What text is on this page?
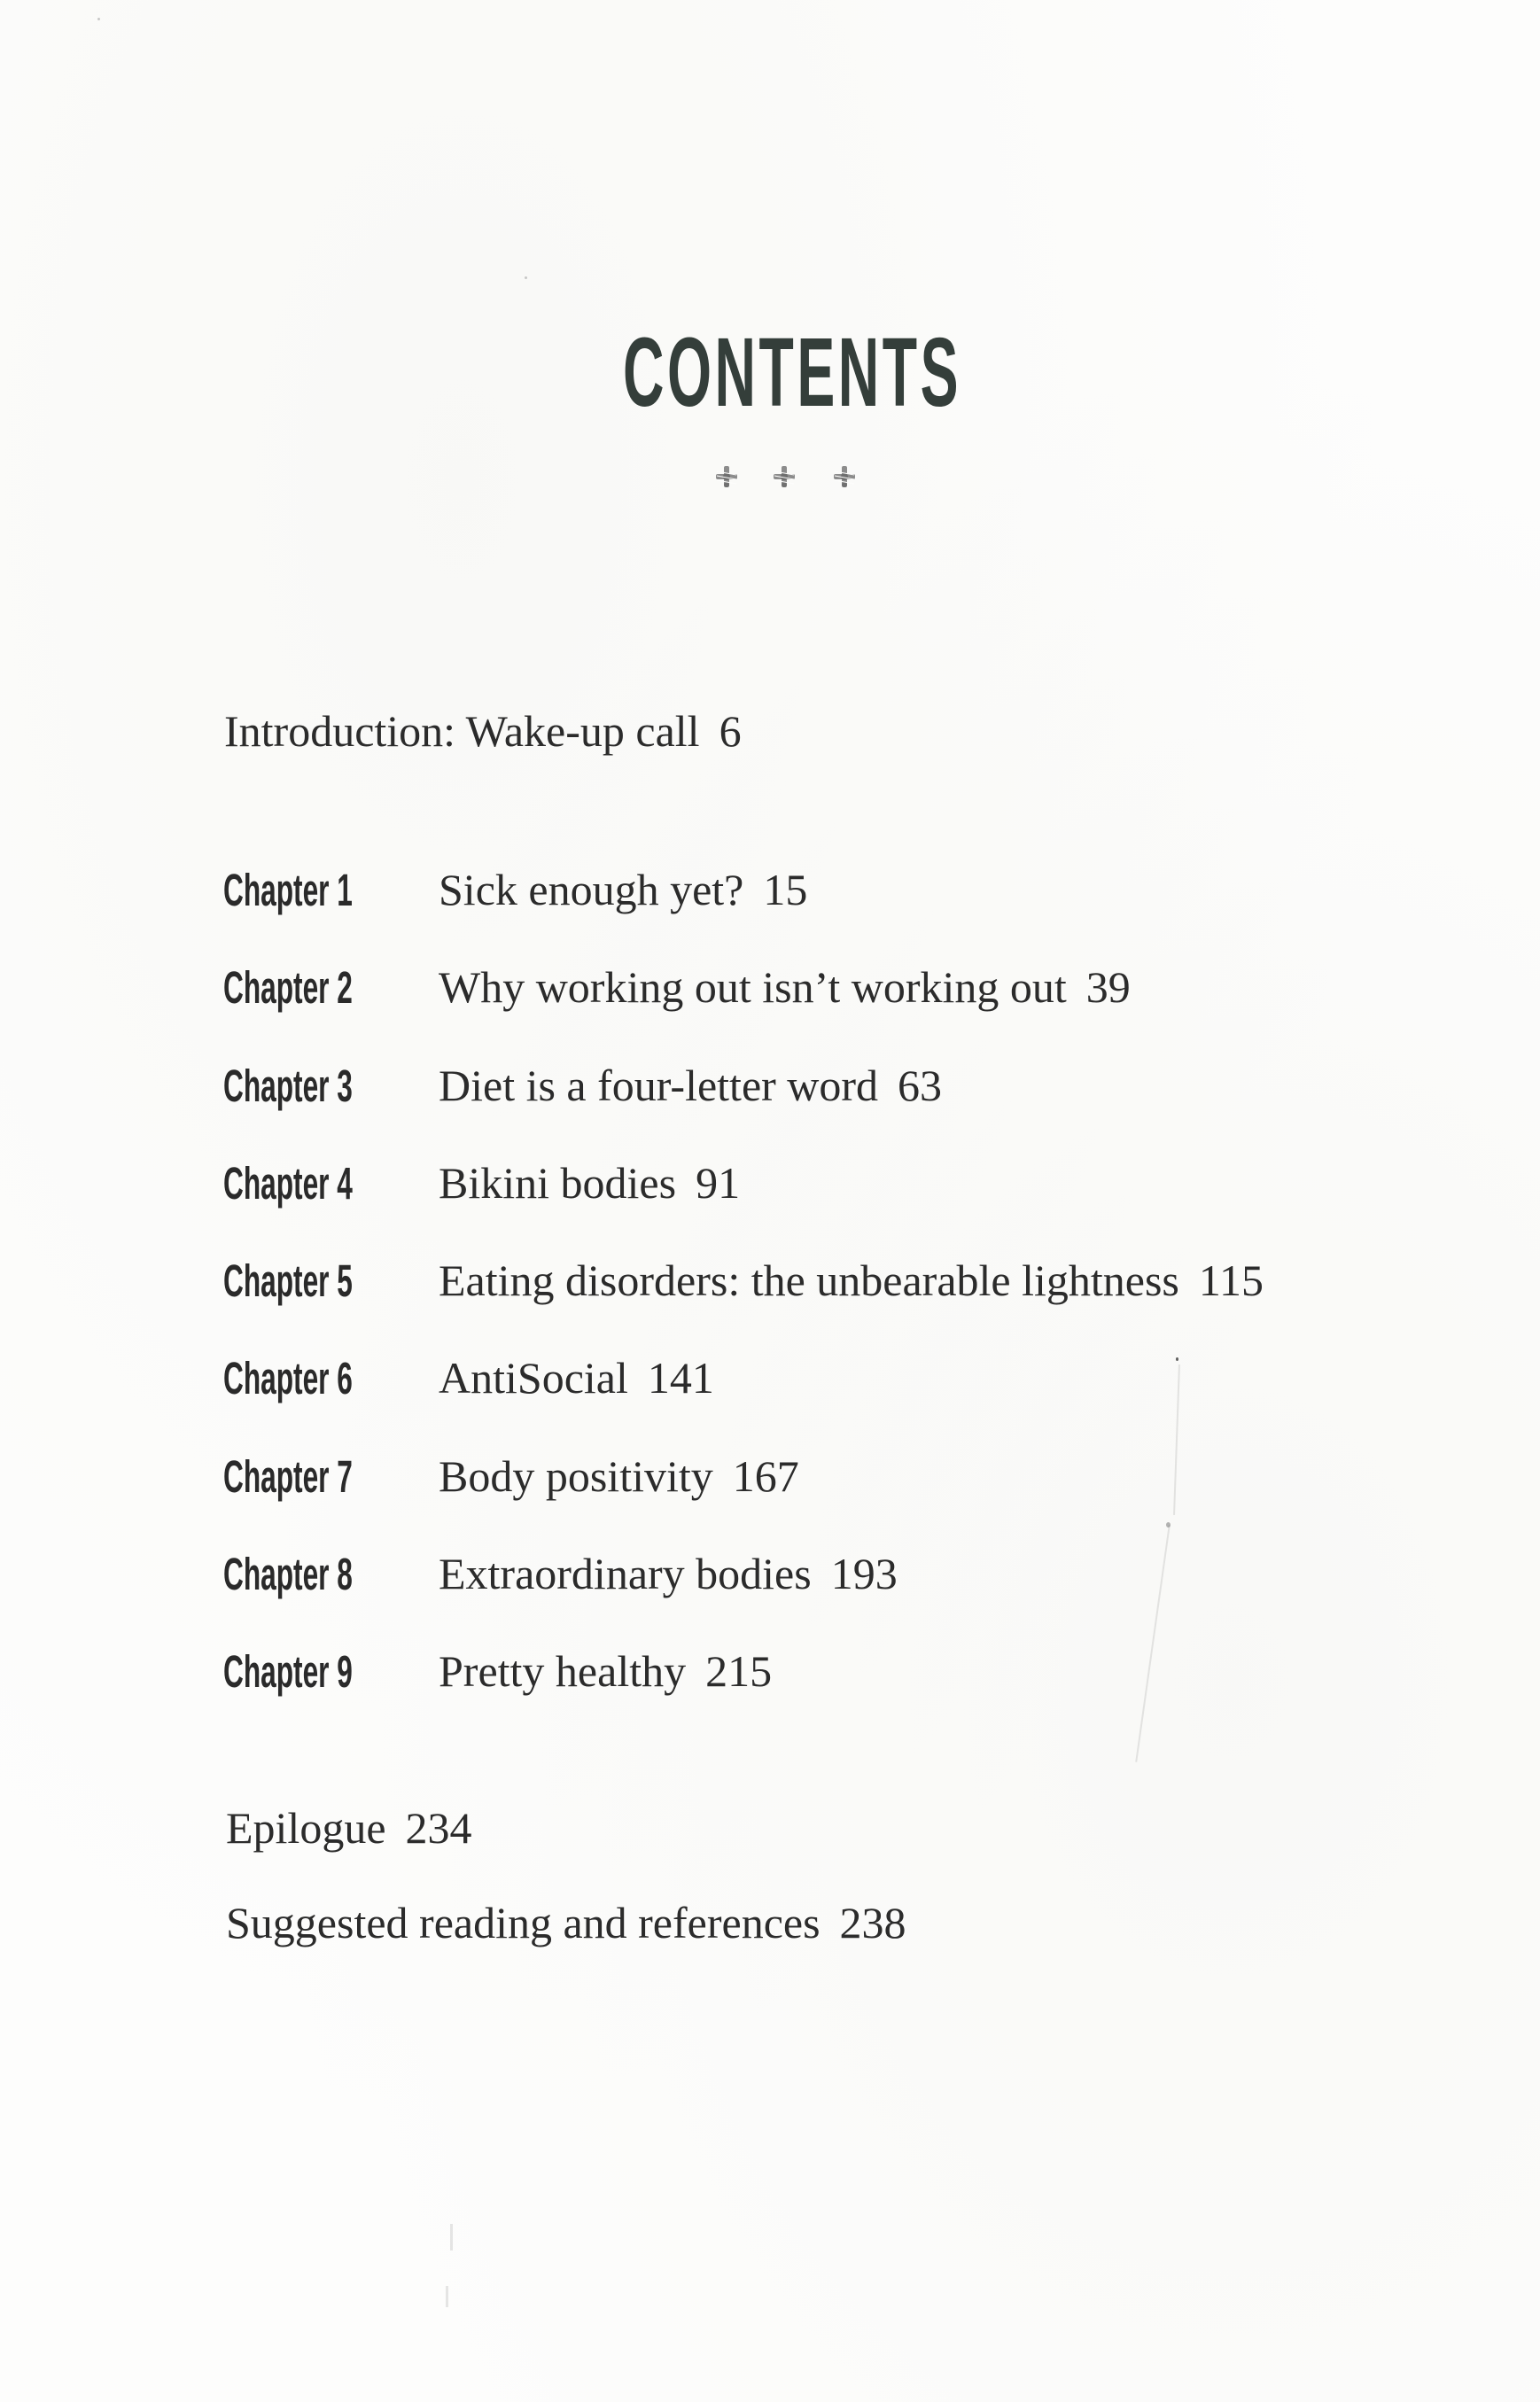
CONTENTS
Introduction: Wake-up call 6
Chapter 1 Sick enough yet? 15
Chapter 2 Why working out isn’t working out 39
Chapter 3 Diet is a four-letter word 63
Chapter 4 Bikini bodies 91
Chapter 5 Eating disorders: the unbearable lightness 115
Chapter 6 AntiSocial 141
Chapter 7 Body positivity 167
Chapter 8 Extraordinary bodies 193
Chapter 9 Pretty healthy 215
Epilogue 234
Suggested reading and references 238
